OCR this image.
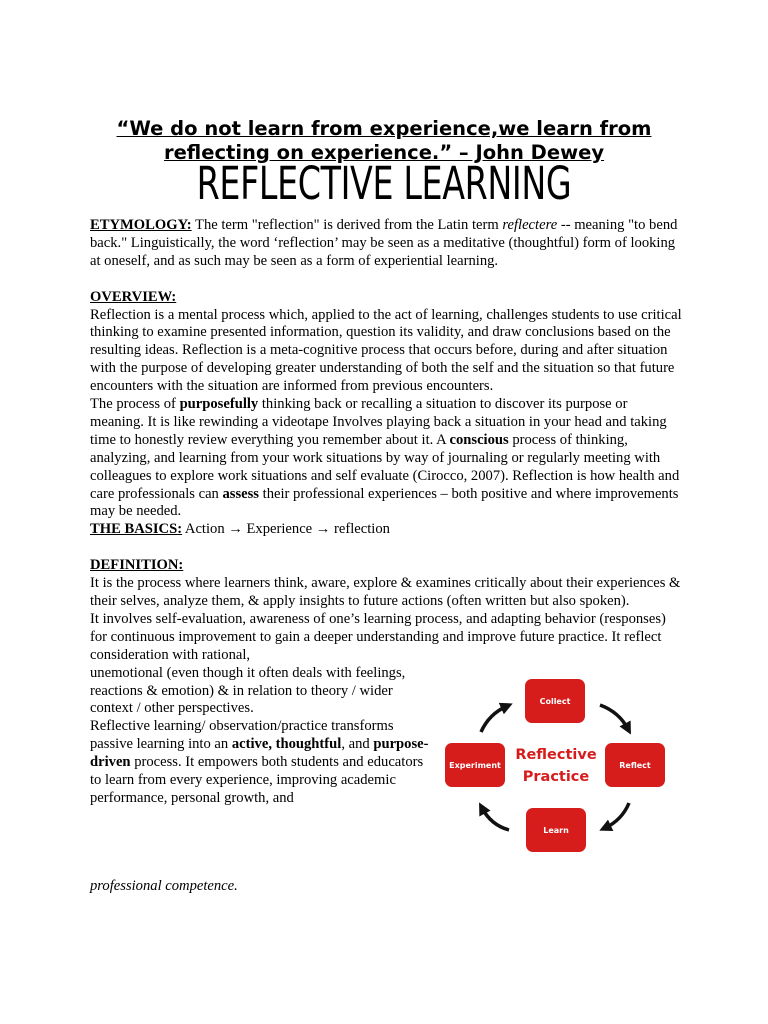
“We do not learn from experience,we learn from reflecting on experience.” – John Dewey
REFLECTIVE LEARNING

ETYMOLOGY: The term "reflection" is derived from the Latin term reflectere -- meaning "to bend back." Linguistically, the word ‘reflection’ may be seen as a meditative (thoughtful) form of looking at oneself, and as such may be seen as a form of experiential learning.

OVERVIEW:

Reflection is a mental process which, applied to the act of learning, challenges students to use critical thinking to examine presented information, question its validity, and draw conclusions based on the resulting ideas. Reflection is a meta-cognitive process that occurs before, during and after situation with the purpose of developing greater understanding of both the self and the situation so that future encounters with the situation are informed from previous encounters.

The process of purposefully thinking back or recalling a situation to discover its purpose or meaning. It is like rewinding a videotape Involves playing back a situation in your head and taking time to honestly review everything you remember about it. A conscious process of thinking, analyzing, and learning from your work situations by way of journaling or regularly meeting with colleagues to explore work situations and self evaluate (Cirocco, 2007). Reflection is how health and care professionals can assess their professional experiences – both positive and where improvements may be needed.

THE BASICS: Action → Experience → reflection

DEFINITION:

It is the process where learners think, aware, explore & examines critically about their experiences & their selves, analyze them, & apply insights to future actions (often written but also spoken).

It involves self-evaluation, awareness of one’s learning process, and adapting behavior (responses) for continuous improvement to gain a deeper understanding and improve future practice. It reflect consideration with rational,

unemotional (even though it often deals with feelings, reactions & emotion) & in relation to theory / wider context / other perspectives.

Reflective learning/ observation/practice transforms passive learning into an active, thoughtful, and purpose-driven process. It empowers both students and educators to learn from every experience, improving academic performance, personal growth, and

professional competence.
Collect
Reflect
Learn
Experiment
Reflective
Practice
